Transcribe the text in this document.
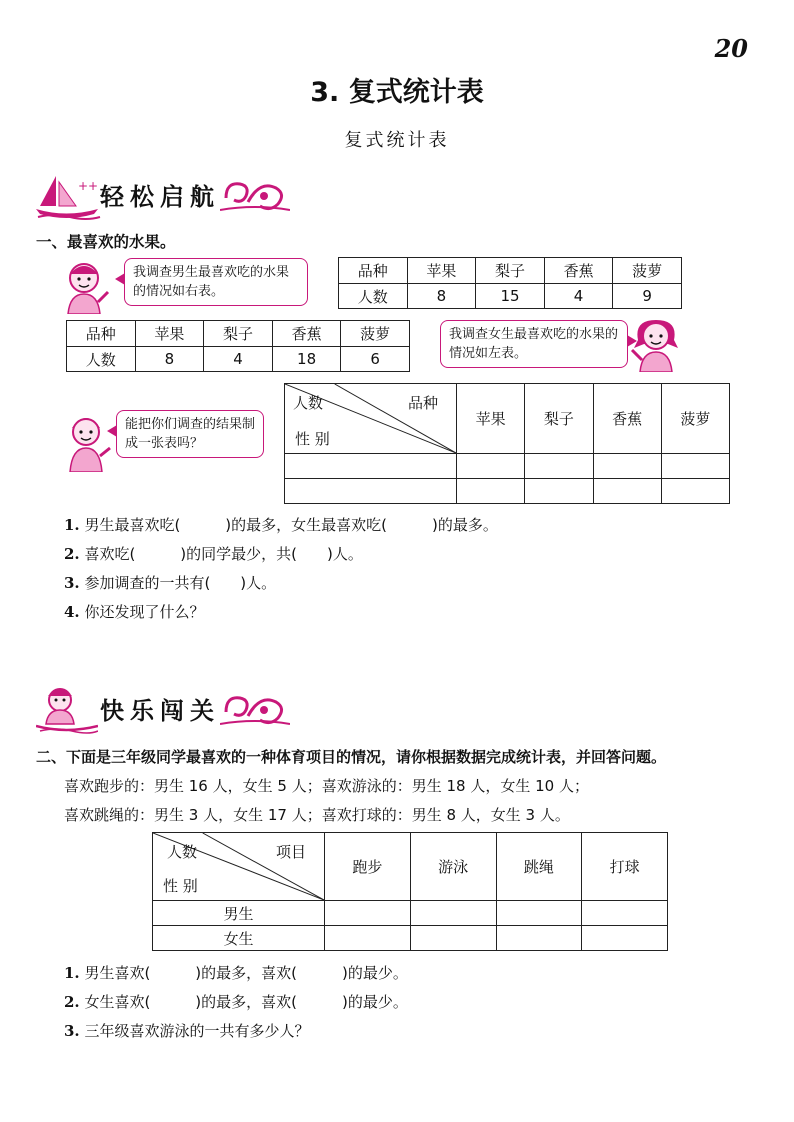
20
3. 复式统计表
复式统计表
++ 轻松启航
一、最喜欢的水果。
我调查男生最喜欢吃的水果的情况如右表。
品种	苹果	梨子	香蕉	菠萝
人数	8	15	4	9
品种	苹果	梨子	香蕉	菠萝
人数	8	4	18	6
我调查女生最喜欢吃的水果的情况如左表。
能把你们调查的结果制成一张表吗？
人数 品种
性 别	苹果	梨子	香蕉	菠萝

1. 男生最喜欢吃(　　　)的最多，女生最喜欢吃(　　　)的最多。
2. 喜欢吃(　　　)的同学最少，共(　　)人。
3. 参加调查的一共有(　　)人。
4. 你还发现了什么？
快乐闯关
二、下面是三年级同学最喜欢的一种体育项目的情况，请你根据数据完成统计表，并回答问题。
喜欢跑步的：男生 16 人，女生 5 人；喜欢游泳的：男生 18 人，女生 10 人；
喜欢跳绳的：男生 3 人，女生 17 人；喜欢打球的：男生 8 人，女生 3 人。
人数 项目
性 别	跑步	游泳	跳绳	打球
男生				
女生				
1. 男生喜欢(　　　)的最多，喜欢(　　　)的最少。
2. 女生喜欢(　　　)的最多，喜欢(　　　)的最少。
3. 三年级喜欢游泳的一共有多少人？
